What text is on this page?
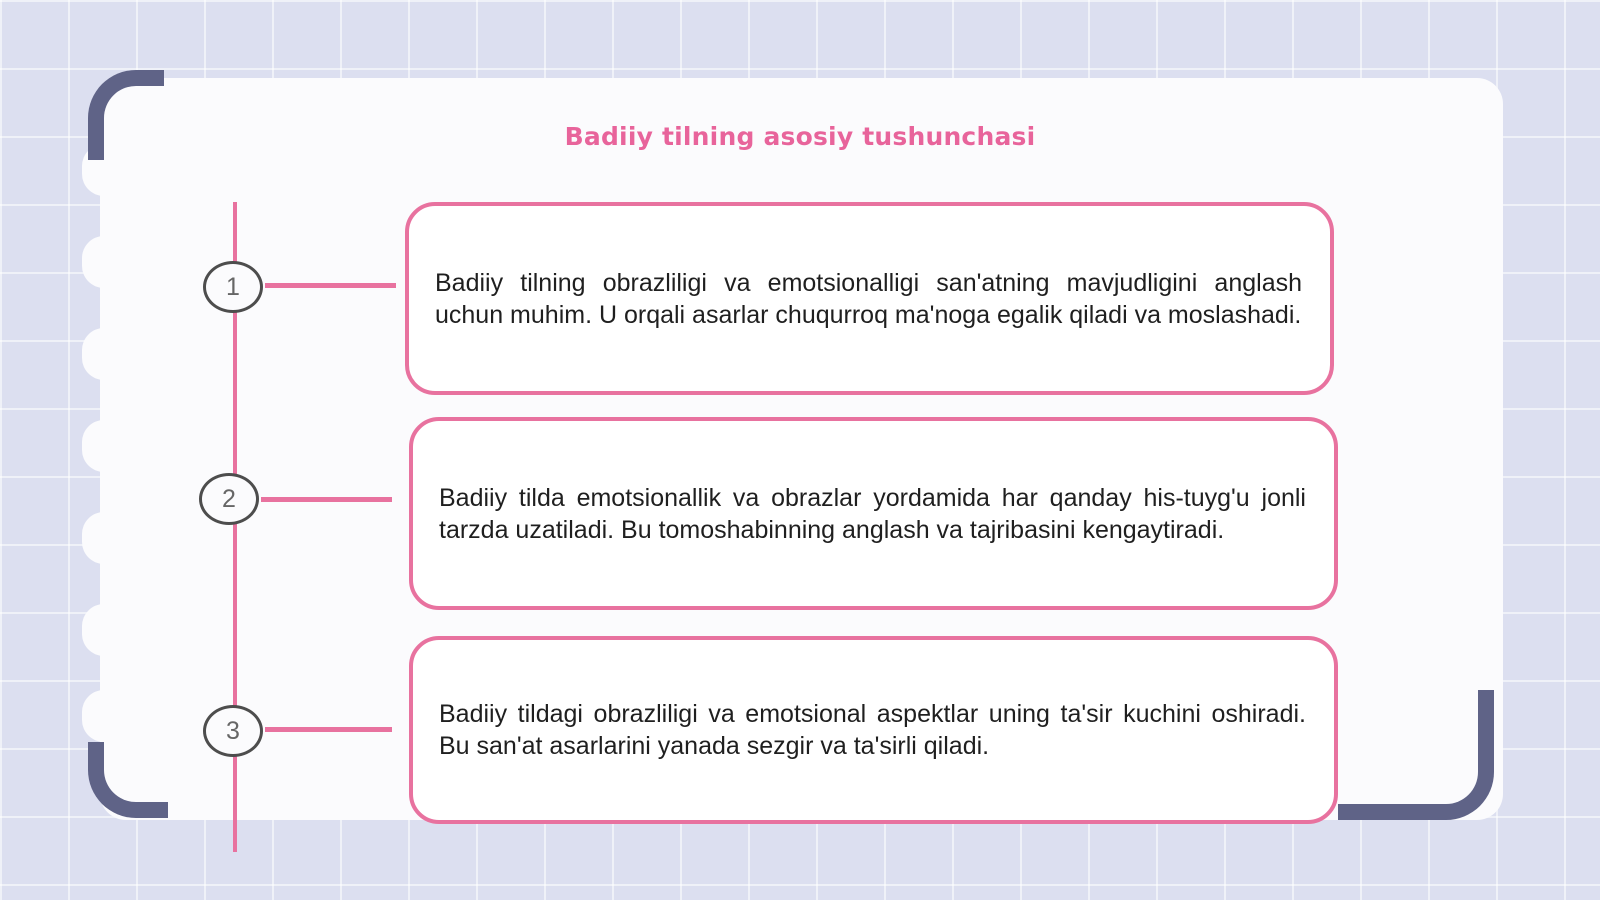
Badiiy tilning asosiy tushunchasi
1
2
3

Badiiy tilning obrazliligi va emotsionalligi san'atning mavjudligini anglash uchun muhim. U orqali asarlar chuqurroq ma'noga egalik qiladi va moslashadi.

Badiiy tilda emotsionallik va obrazlar yordamida har qanday his-tuyg'u jonli tarzda uzatiladi. Bu tomoshabinning anglash va tajribasini kengaytiradi.

Badiiy tildagi obrazliligi va emotsional aspektlar uning ta'sir kuchini oshiradi. Bu san'at asarlarini yanada sezgir va ta'sirli qiladi.
